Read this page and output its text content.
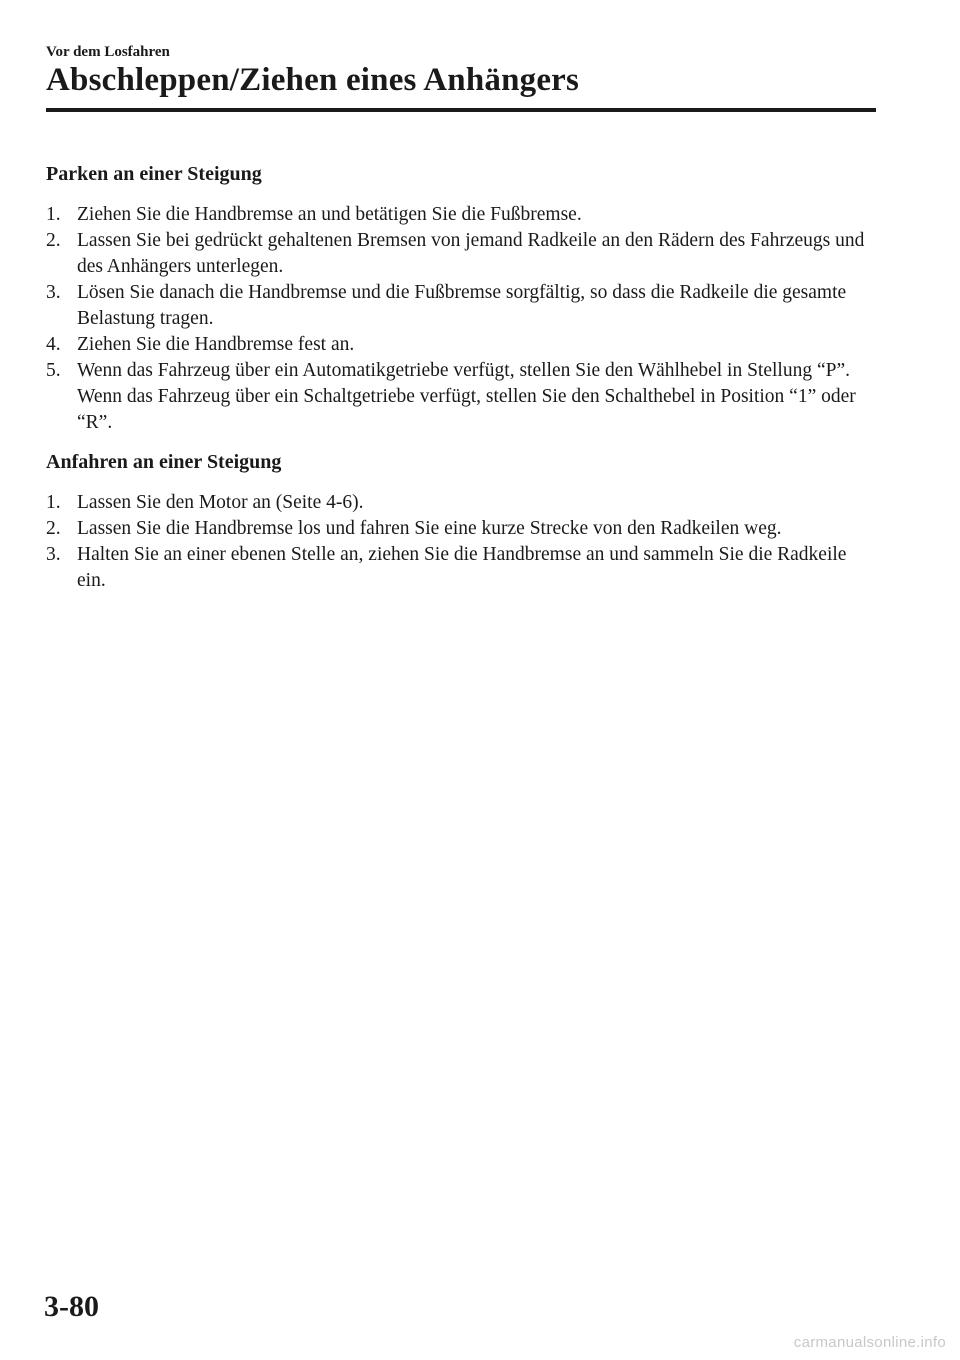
Vor dem Losfahren
Abschleppen/Ziehen eines Anhängers
Parken an einer Steigung
1. Ziehen Sie die Handbremse an und betätigen Sie die Fußbremse.
2. Lassen Sie bei gedrückt gehaltenen Bremsen von jemand Radkeile an den Rädern des Fahrzeugs und des Anhängers unterlegen.
3. Lösen Sie danach die Handbremse und die Fußbremse sorgfältig, so dass die Radkeile die gesamte Belastung tragen.
4. Ziehen Sie die Handbremse fest an.
5. Wenn das Fahrzeug über ein Automatikgetriebe verfügt, stellen Sie den Wählhebel in Stellung “P”. Wenn das Fahrzeug über ein Schaltgetriebe verfügt, stellen Sie den Schalthebel in Position “1” oder “R”.
Anfahren an einer Steigung
1. Lassen Sie den Motor an (Seite 4-6).
2. Lassen Sie die Handbremse los und fahren Sie eine kurze Strecke von den Radkeilen weg.
3. Halten Sie an einer ebenen Stelle an, ziehen Sie die Handbremse an und sammeln Sie die Radkeile ein.
3-80
carmanualsonline.info
